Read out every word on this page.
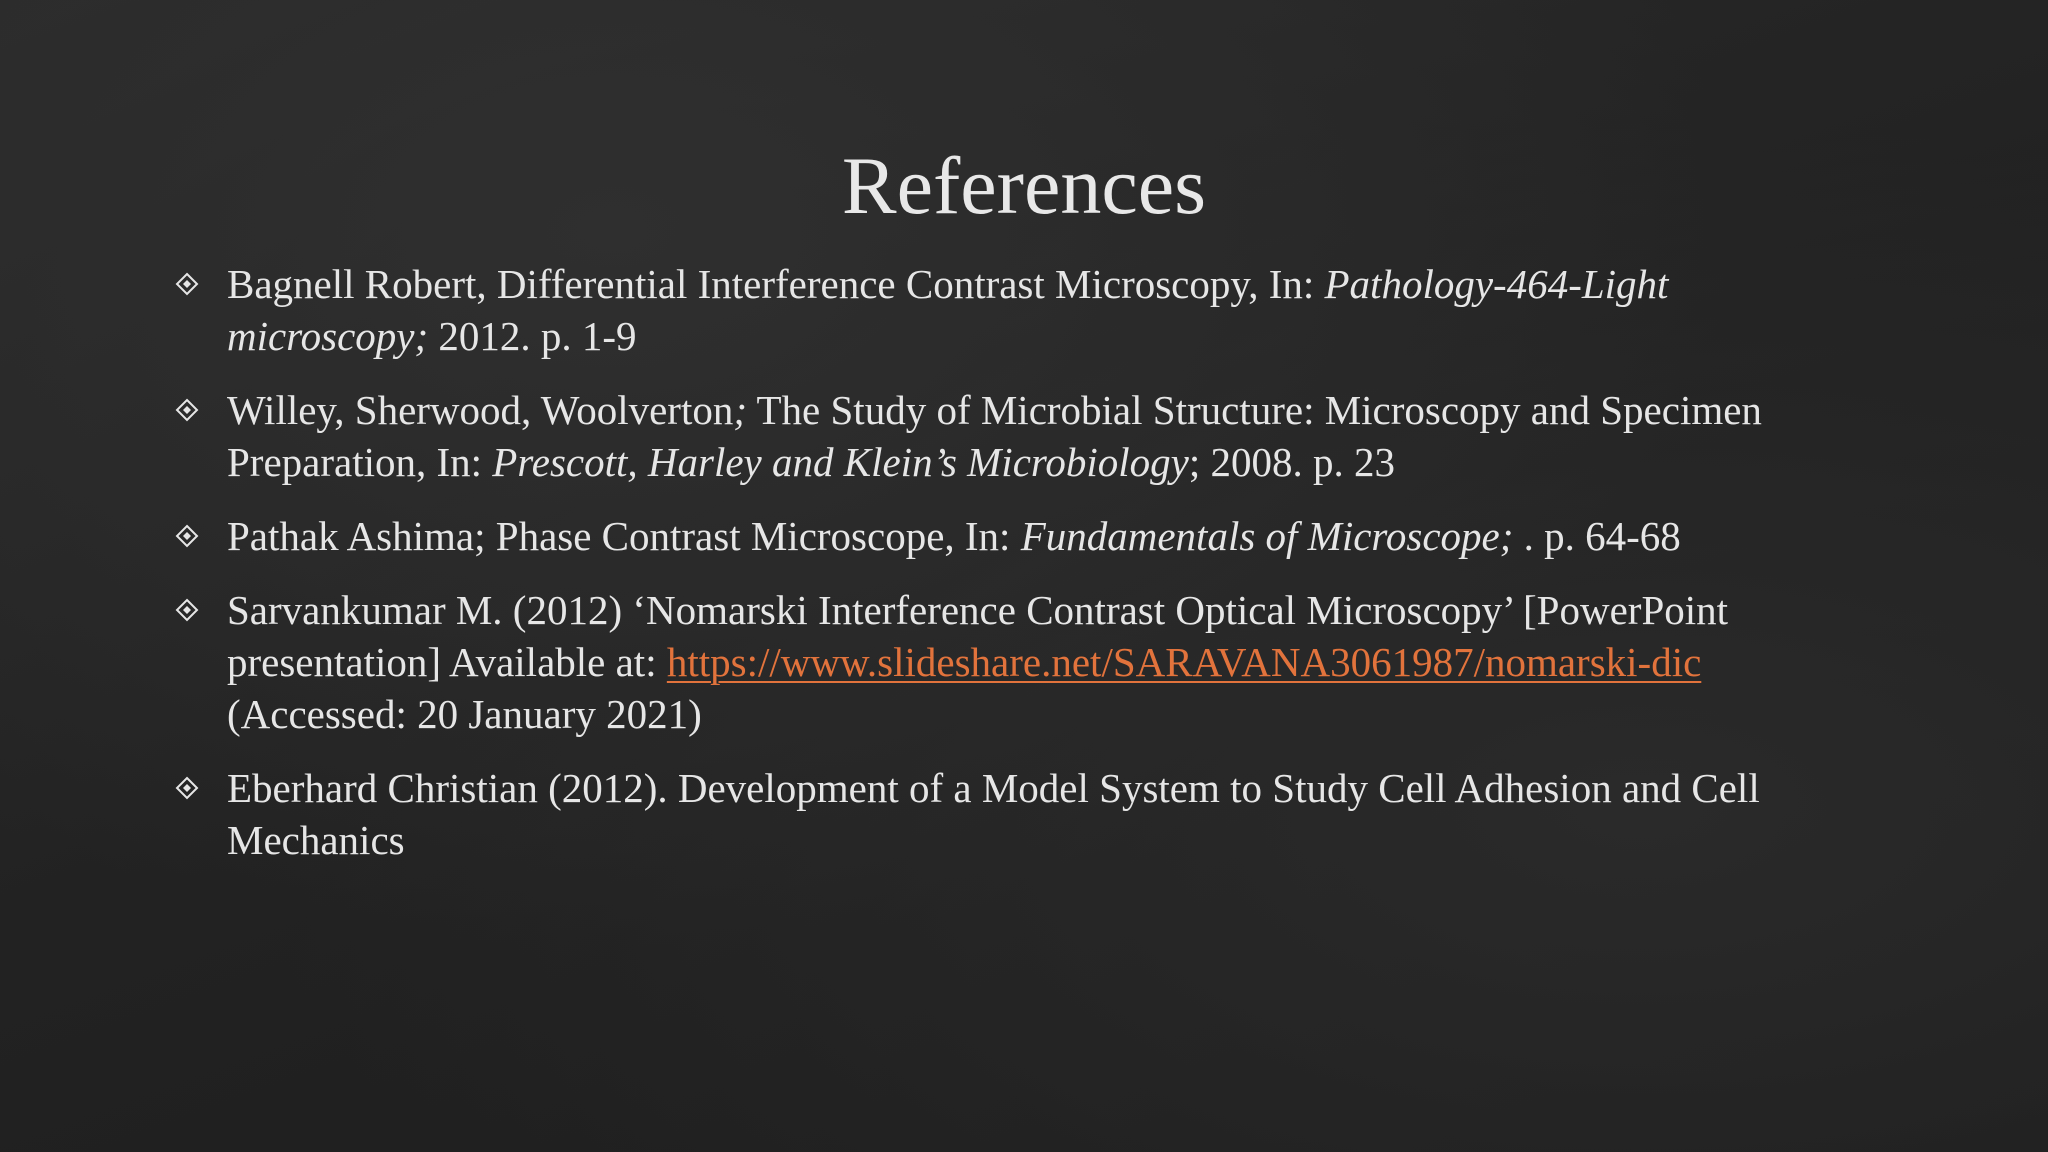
References
Bagnell Robert, Differential Interference Contrast Microscopy, In: Pathology-464-Light microscopy; 2012. p. 1-9
Willey, Sherwood, Woolverton; The Study of Microbial Structure: Microscopy and Specimen Preparation, In: Prescott, Harley and Klein’s Microbiology; 2008. p. 23
Pathak Ashima; Phase Contrast Microscope, In: Fundamentals of Microscope; . p. 64-68
Sarvankumar M. (2012) ‘Nomarski Interference Contrast Optical Microscopy’ [PowerPoint presentation] Available at: https://www.slideshare.net/SARAVANA3061987/nomarski-dic
(Accessed: 20 January 2021)
Eberhard Christian (2012). Development of a Model System to Study Cell Adhesion and Cell Mechanics
